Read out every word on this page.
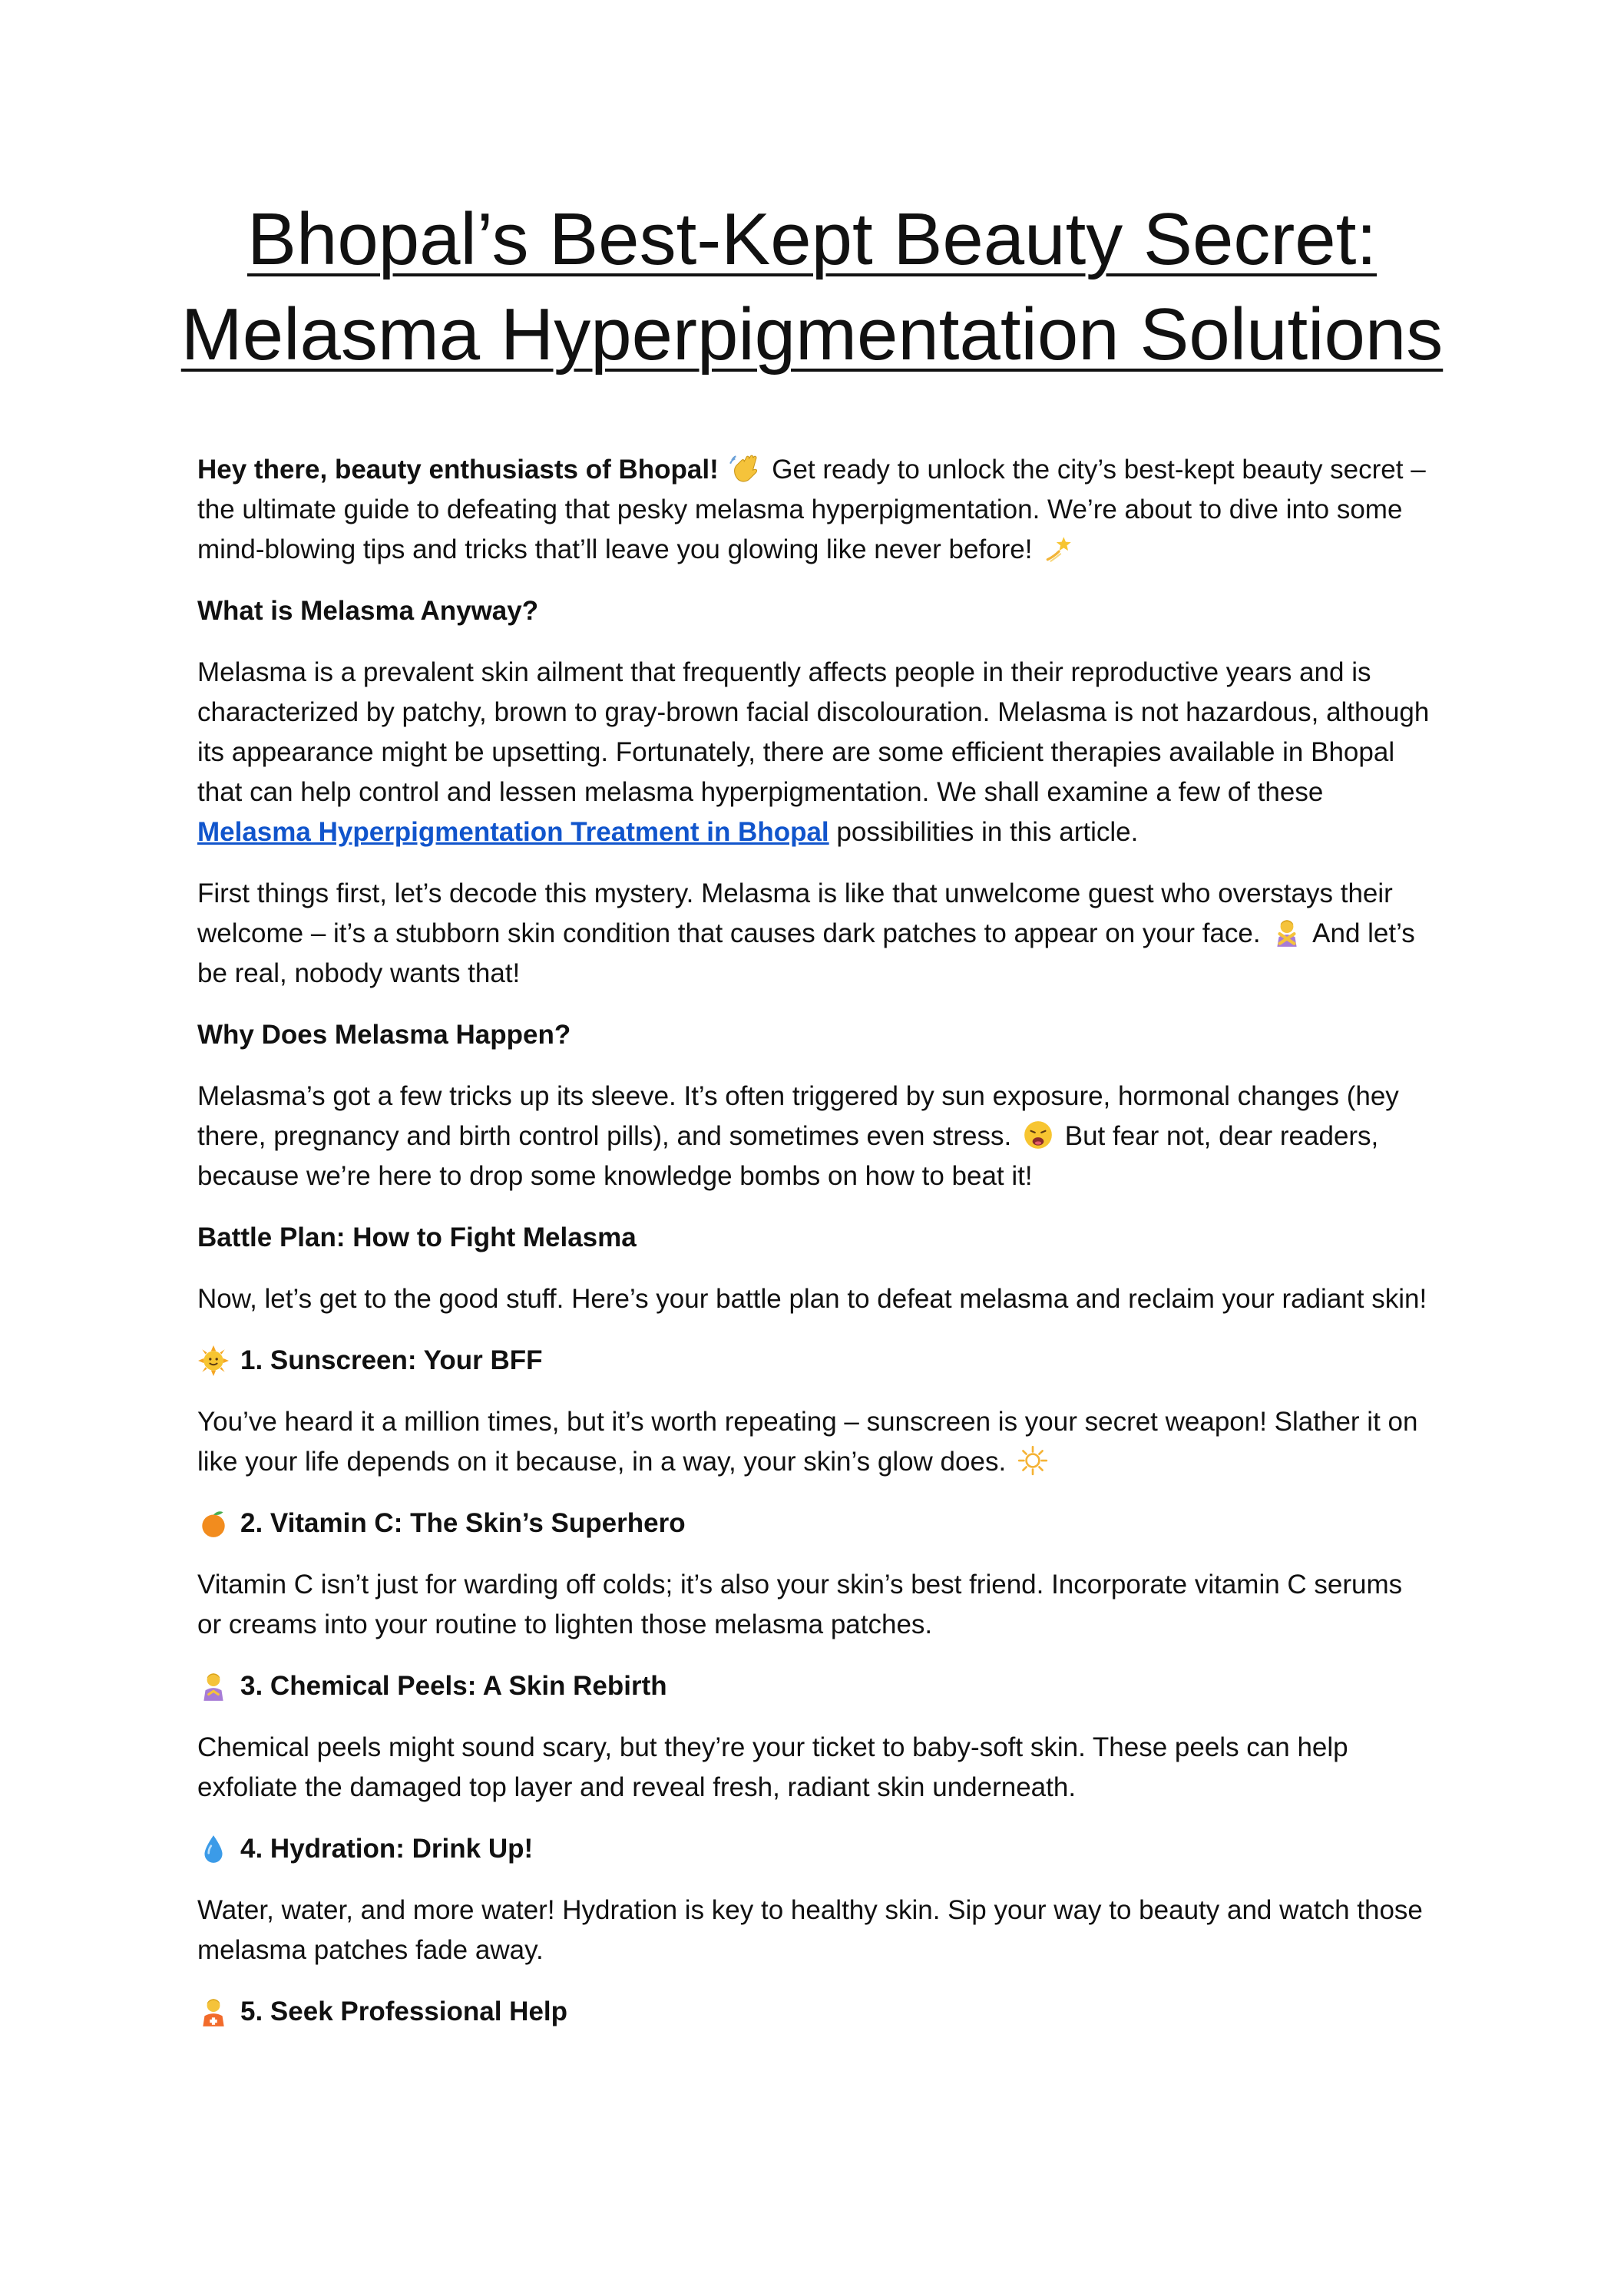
Bhopal’s Best-Kept Beauty Secret:
Melasma Hyperpigmentation Solutions

Hey there, beauty enthusiasts of Bhopal! Get ready to unlock the city’s best-kept beauty secret – the ultimate guide to defeating that pesky melasma hyperpigmentation. We’re about to dive into some mind-blowing tips and tricks that’ll leave you glowing like never before!

What is Melasma Anyway?

Melasma is a prevalent skin ailment that frequently affects people in their reproductive years and is characterized by patchy, brown to gray-brown facial discolouration. Melasma is not hazardous, although its appearance might be upsetting. Fortunately, there are some efficient therapies available in Bhopal that can help control and lessen melasma hyperpigmentation. We shall examine a few of these Melasma Hyperpigmentation Treatment in Bhopal possibilities in this article.

First things first, let’s decode this mystery. Melasma is like that unwelcome guest who overstays their welcome – it’s a stubborn skin condition that causes dark patches to appear on your face. And let’s be real, nobody wants that!

Why Does Melasma Happen?

Melasma’s got a few tricks up its sleeve. It’s often triggered by sun exposure, hormonal changes (hey there, pregnancy and birth control pills), and sometimes even stress. But fear not, dear readers, because we’re here to drop some knowledge bombs on how to beat it!

Battle Plan: How to Fight Melasma

Now, let’s get to the good stuff. Here’s your battle plan to defeat melasma and reclaim your radiant skin!

1. Sunscreen: Your BFF

You’ve heard it a million times, but it’s worth repeating – sunscreen is your secret weapon! Slather it on like your life depends on it because, in a way, your skin’s glow does.

2. Vitamin C: The Skin’s Superhero

Vitamin C isn’t just for warding off colds; it’s also your skin’s best friend. Incorporate vitamin C serums or creams into your routine to lighten those melasma patches.

3. Chemical Peels: A Skin Rebirth

Chemical peels might sound scary, but they’re your ticket to baby-soft skin. These peels can help exfoliate the damaged top layer and reveal fresh, radiant skin underneath.

4. Hydration: Drink Up!

Water, water, and more water! Hydration is key to healthy skin. Sip your way to beauty and watch those melasma patches fade away.

5. Seek Professional Help
